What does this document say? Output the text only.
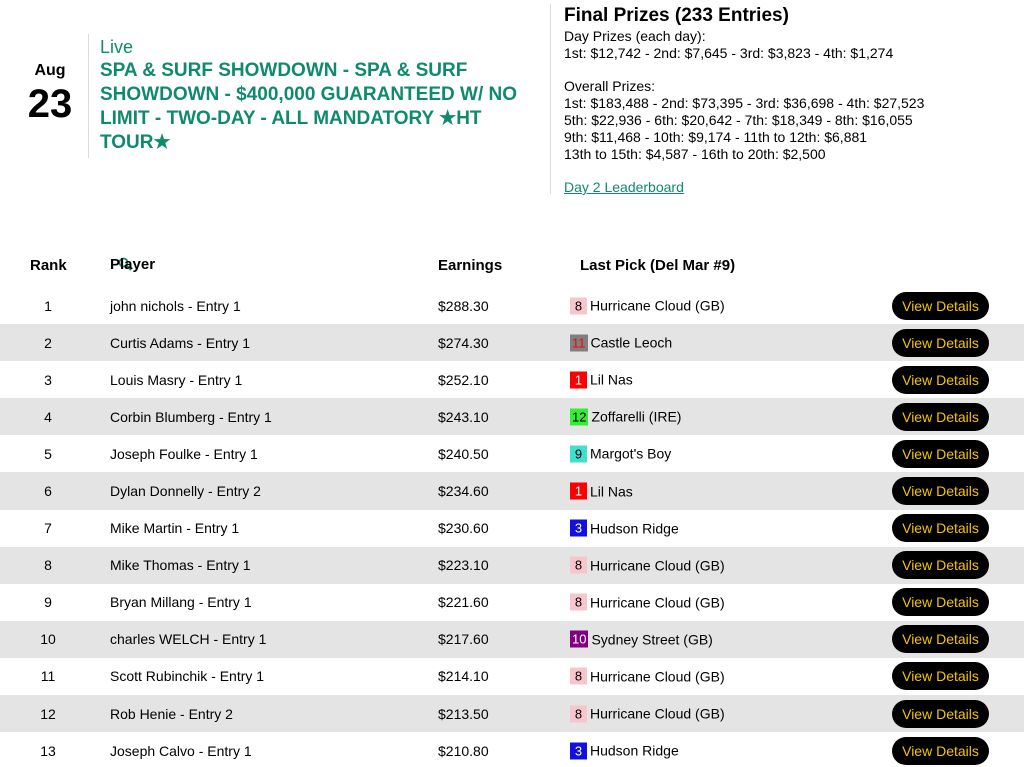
Aug
23
Live
SPA & SURF SHOWDOWN - SPA & SURF SHOWDOWN - $400,000 GUARANTEED W/ NO LIMIT - TWO-DAY - ALL MANDATORY ★HT TOUR★
Final Prizes (233 Entries)
Day Prizes (each day):
1st: $12,742 - 2nd: $7,645 - 3rd: $3,823 - 4th: $1,274
Overall Prizes:
1st: $183,488 - 2nd: $73,395 - 3rd: $36,698 - 4th: $27,523
5th: $22,936 - 6th: $20,642 - 7th: $18,349 - 8th: $16,055
9th: $11,468 - 10th: $9,174 - 11th to 12th: $6,881
13th to 15th: $4,587 - 16th to 20th: $2,500
Day 2 Leaderboard
Rank	Player	Earnings	Last Pick (Del Mar #9)
1	john nichols - Entry 1	$288.30	8 Hurricane Cloud (GB)	View Details
2	Curtis Adams - Entry 1	$274.30	11 Castle Leoch	View Details
3	Louis Masry - Entry 1	$252.10	1 Lil Nas	View Details
4	Corbin Blumberg - Entry 1	$243.10	12 Zoffarelli (IRE)	View Details
5	Joseph Foulke - Entry 1	$240.50	9 Margot's Boy	View Details
6	Dylan Donnelly - Entry 2	$234.60	1 Lil Nas	View Details
7	Mike Martin - Entry 1	$230.60	3 Hudson Ridge	View Details
8	Mike Thomas - Entry 1	$223.10	8 Hurricane Cloud (GB)	View Details
9	Bryan Millang - Entry 1	$221.60	8 Hurricane Cloud (GB)	View Details
10	charles WELCH - Entry 1	$217.60	10 Sydney Street (GB)	View Details
11	Scott Rubinchik - Entry 1	$214.10	8 Hurricane Cloud (GB)	View Details
12	Rob Henie - Entry 2	$213.50	8 Hurricane Cloud (GB)	View Details
13	Joseph Calvo - Entry 1	$210.80	3 Hudson Ridge	View Details
